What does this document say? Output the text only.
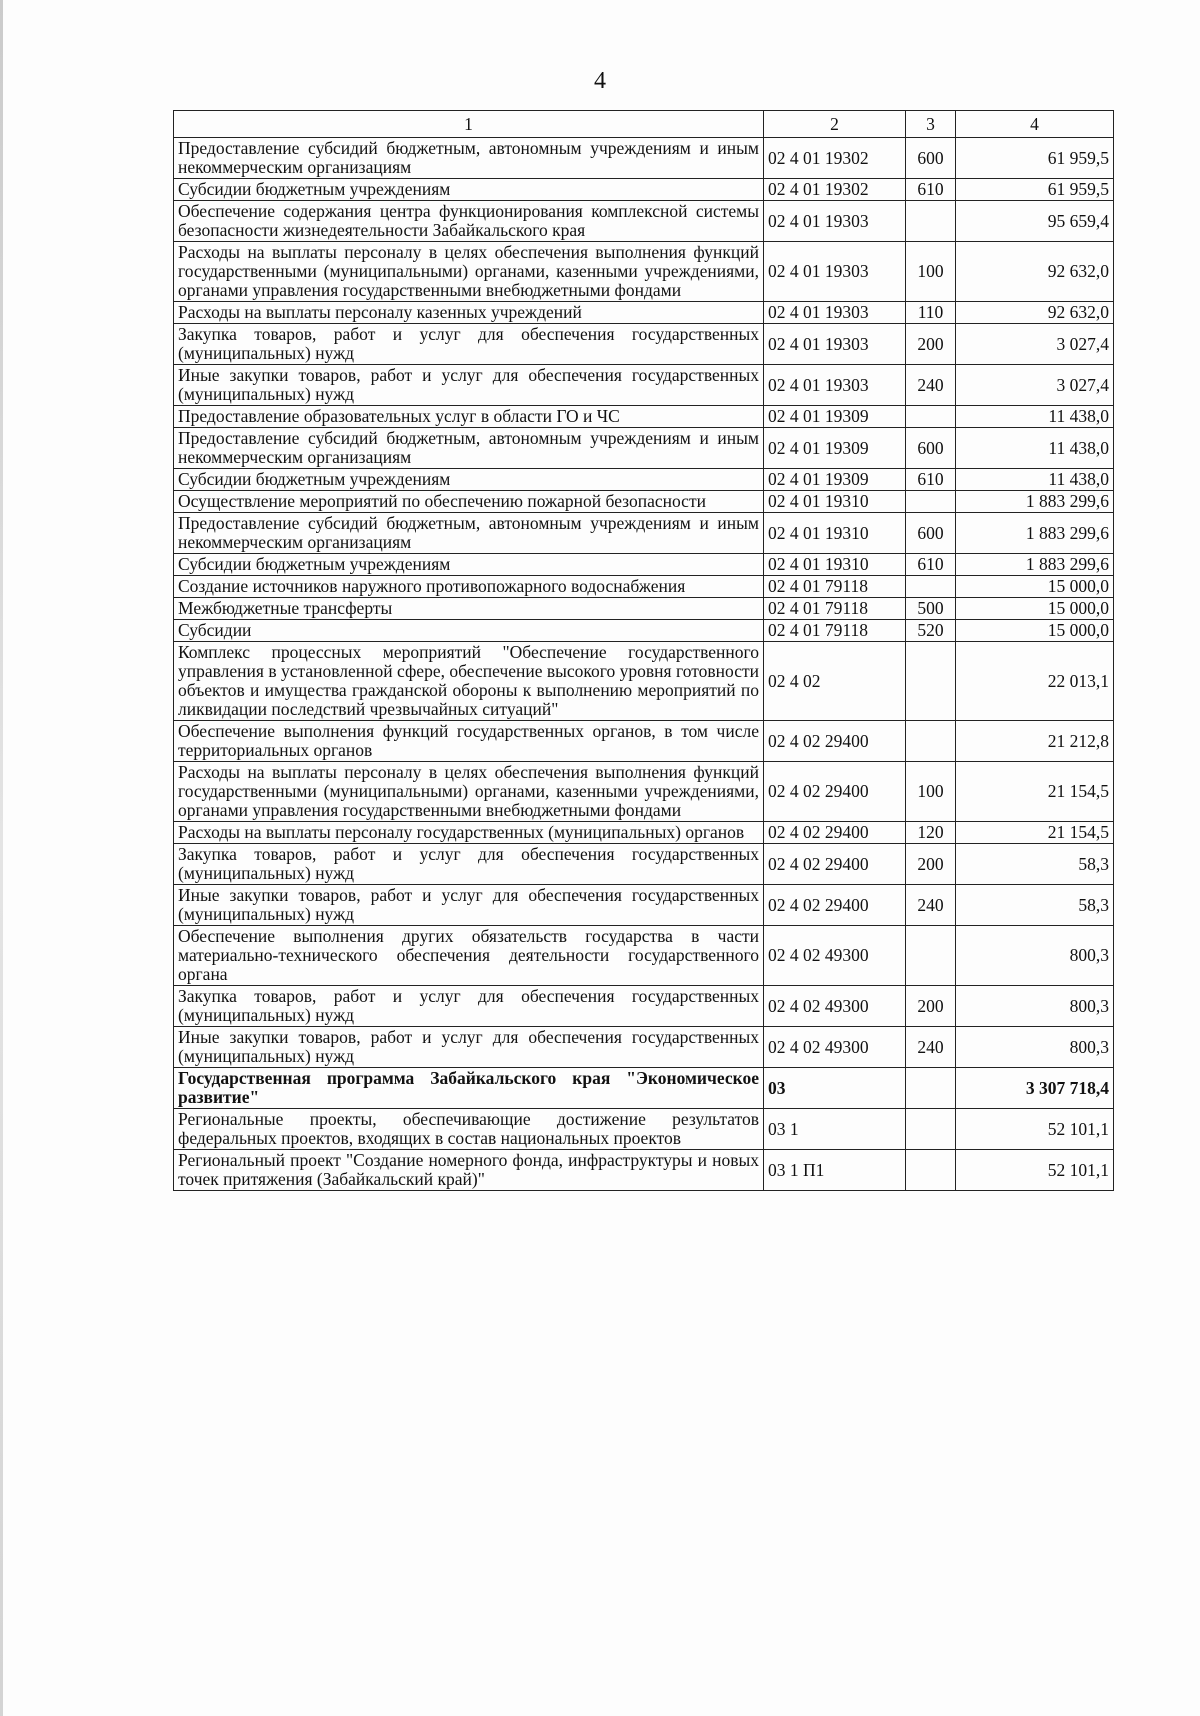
4
1	2	3	4
Предоставление субсидий бюджетным, автономным учреждениям и иным некоммерческим организациям	02 4 01 19302	600	61 959,5
Субсидии бюджетным учреждениям	02 4 01 19302	610	61 959,5
Обеспечение содержания центра функционирования комплексной системы безопасности жизнедеятельности Забайкальского края	02 4 01 19303		95 659,4
Расходы на выплаты персоналу в целях обеспечения выполнения функций государственными (муниципальными) органами, казенными учреждениями, органами управления государственными внебюджетными фондами	02 4 01 19303	100	92 632,0
Расходы на выплаты персоналу казенных учреждений	02 4 01 19303	110	92 632,0
Закупка товаров, работ и услуг для обеспечения государственных (муниципальных) нужд	02 4 01 19303	200	3 027,4
Иные закупки товаров, работ и услуг для обеспечения государственных (муниципальных) нужд	02 4 01 19303	240	3 027,4
Предоставление образовательных услуг в области ГО и ЧС	02 4 01 19309		11 438,0
Предоставление субсидий бюджетным, автономным учреждениям и иным некоммерческим организациям	02 4 01 19309	600	11 438,0
Субсидии бюджетным учреждениям	02 4 01 19309	610	11 438,0
Осуществление мероприятий по обеспечению пожарной безопасности	02 4 01 19310		1 883 299,6
Предоставление субсидий бюджетным, автономным учреждениям и иным некоммерческим организациям	02 4 01 19310	600	1 883 299,6
Субсидии бюджетным учреждениям	02 4 01 19310	610	1 883 299,6
Создание источников наружного противопожарного водоснабжения	02 4 01 79118		15 000,0
Межбюджетные трансферты	02 4 01 79118	500	15 000,0
Субсидии	02 4 01 79118	520	15 000,0
Комплекс процессных мероприятий "Обеспечение государственного управления в установленной сфере, обеспечение высокого уровня готовности объектов и имущества гражданской обороны к выполнению мероприятий по ликвидации последствий чрезвычайных ситуаций"	02 4 02		22 013,1
Обеспечение выполнения функций государственных органов, в том числе территориальных органов	02 4 02 29400		21 212,8
Расходы на выплаты персоналу в целях обеспечения выполнения функций государственными (муниципальными) органами, казенными учреждениями, органами управления государственными внебюджетными фондами	02 4 02 29400	100	21 154,5
Расходы на выплаты персоналу государственных (муниципальных) органов	02 4 02 29400	120	21 154,5
Закупка товаров, работ и услуг для обеспечения государственных (муниципальных) нужд	02 4 02 29400	200	58,3
Иные закупки товаров, работ и услуг для обеспечения государственных (муниципальных) нужд	02 4 02 29400	240	58,3
Обеспечение выполнения других обязательств государства в части материально-технического обеспечения деятельности государственного органа	02 4 02 49300		800,3
Закупка товаров, работ и услуг для обеспечения государственных (муниципальных) нужд	02 4 02 49300	200	800,3
Иные закупки товаров, работ и услуг для обеспечения государственных (муниципальных) нужд	02 4 02 49300	240	800,3
Государственная программа Забайкальского края "Экономическое развитие"	03		3 307 718,4
Региональные проекты, обеспечивающие достижение результатов федеральных проектов, входящих в состав национальных проектов	03 1		52 101,1
Региональный проект "Создание номерного фонда, инфраструктуры и новых точек притяжения (Забайкальский край)"	03 1 П1		52 101,1
